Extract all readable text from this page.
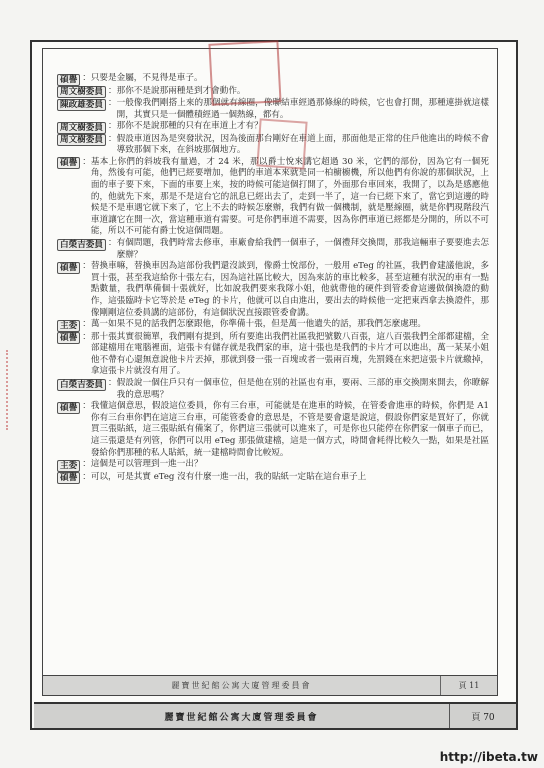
碩譽 ： 只要是金屬，不見得是車子。
周文樹委員 ： 那你不是說那兩種是到才會動作。
陳政雄委員 ： 一般像我們剛搭上來的那個就有線圈，像聯結車經過那條線的時候，它也會打開，那種連掛就這樣開，其實只是一個體積經過一個熱線，都有。
周文樹委員 ： 那你不是說那種的只有在車道上才有？
周文樹委員 ： 假設車道因為是突發狀況，因為後面那台剛好在車道上面，那面他是正常的住戶他進出的時候不會導致那個下來，在斜坡那個地方。
碩譽 ： 基本上你們的斜坡我有量過，才 24 米，那以爵士悅來講它超過 30 米，它們的部份，因為它有一個死角，然後有可能，他們已經要增加，他們的車道本來就是同一柏櫥櫥機，所以他們有你說的那個狀況，上面的車子要下來，下面的車要上來，按的時候可能這個打開了，外面那台車回來，我開了，以為是感應他的，他就先下來，那是不是這台它的訊息已經出去了，走到一半了，這一台已經下來了，當它到這邊的時候是不是車遇它就下來了，它上不去的時候怎麼辦，我們有做一個機制，就是壓線圈，就是你們現階段汽車道讓它在開一次，當這種車道有需要。可是你們車道不需要，因為你們車道已經都是分開的，所以不可能，所以不可能有爵士悅這個問題。
白榮吉委員 ： 有個問題，我們時常去修車，車廠會給我們一個車子，一個禮拜交換間，那我這輛車子要要進去怎麼辦？
碩譽 ： 替換車嘛，替換車因為這部份我們還沒談到，像爵士悅部份，一般用 eTeg 的社區，我們會建議他說，多買十張，甚至我這給你十張左右，因為這社區比較大，因為來訪的車比較多，甚至這種有狀況的車有一點點數量，我們準備個十張就好，比如說我們要來我隊小姐，他就帶他的硬件到管委會這邊做個換證的動作，這張臨時卡它等於是 eTeg 的卡片，他就可以自由進出，要出去的時候他一定把東西拿去換證件，那像剛剛這位委員講的這部份，有這個狀況直接跟管委會講。
主委 ： 萬一如果不見的話我們怎麼跟他，你準備十張，但是萬一他遺失的話，那我們怎麼處理。
碩譽 ： 那十張其實很簡單，我們剛有提到，所有要進出我們社區我把號數八百張，這八百張我們全部都建檔，全部建檔用在電腦裡面，這張卡有儲存就是我們家的車，這十張也是我們的卡片才可以進出，萬一某某小姐他不帶有心還無意說他卡片丟掉，那就到發一張一百塊或者一張兩百塊，先罰錢在來把這張卡片就繳掉，拿這張卡片就沒有用了。
白榮吉委員 ： 假設說一個住戶只有一個車位，但是他在別的社區也有車，要兩、三部的車交換開來開去，你瞭解我的意思嗎？
碩譽 ： 我懂這個意思，假設這位委員，你有三台車，可能就是在進車的時候，在管委會進車的時候，你們是 A1 你有三台車你們在這這三台車，可能管委會的意思是，不管是要會還是說這，假設你們家是買好了，你就買三張貼紙，這三張貼紙有備案了，你們這三張就可以進來了，可是你也只能停在你們家一個車子而已，這三張還是有列管，你們可以用 eTeg 那張做建檔，這是一個方式，時間會耗得比較久一點，如果是社區發給你們那種的私人貼紙，統一建檔時間會比較短。
主委 ： 這個是可以管理到一進一出？
碩譽 ： 可以，可是其實 eTeg 沒有什麼一進一出，我的貼紙一定貼在這台車子上
麗寶世紀館公寓大廈管理委員會	頁 11
麗寶世紀館公寓大廈管理委員會	頁 70
http://ibeta.tw
